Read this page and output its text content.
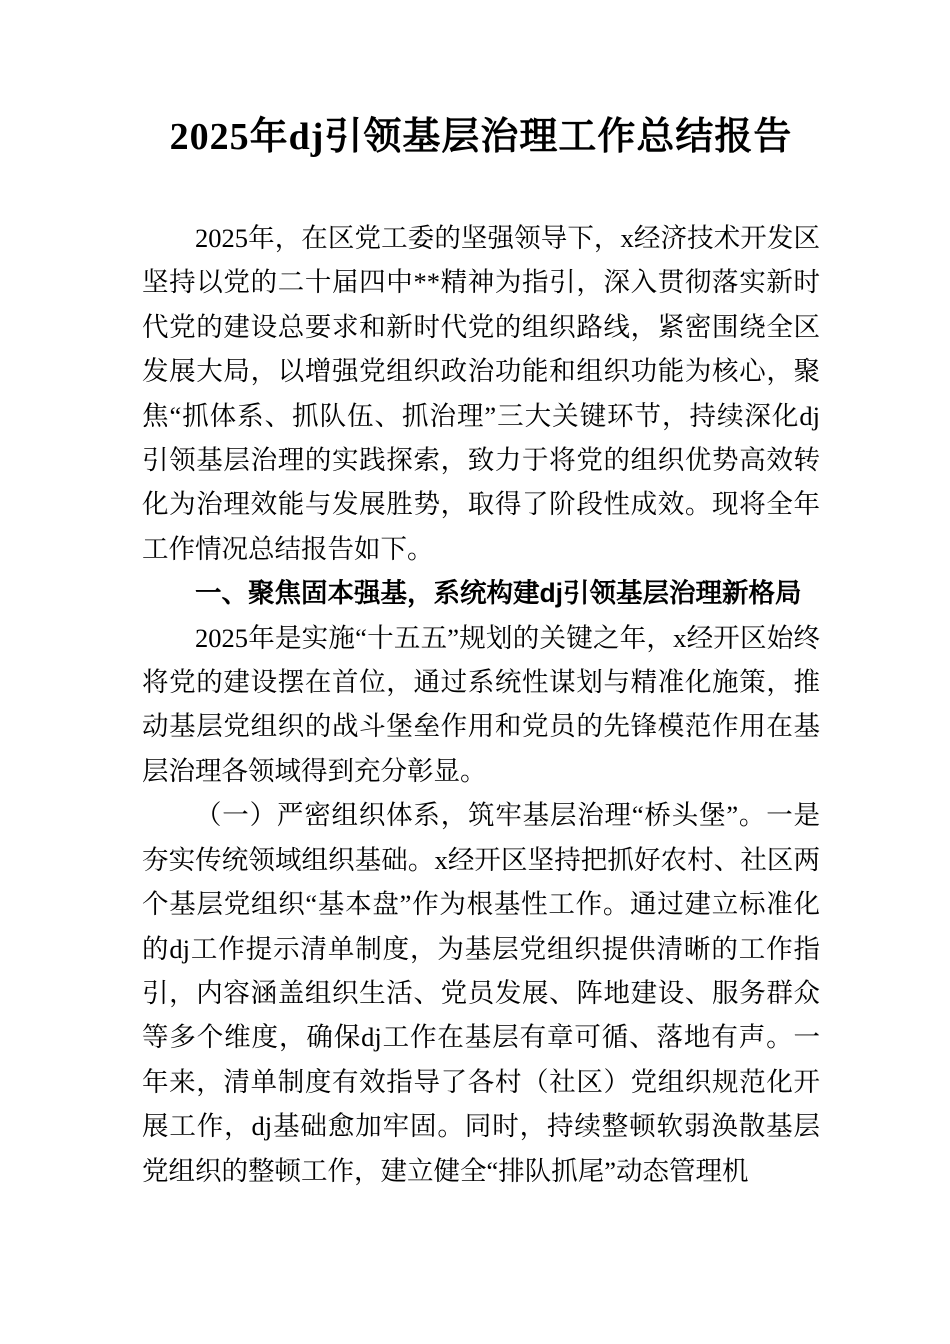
2025年dj引领基层治理工作总结报告

2025年，在区党工委的坚强领导下，x经济技术开发区坚持以党的二十届四中**精神为指引，深入贯彻落实新时代党的建设总要求和新时代党的组织路线，紧密围绕全区发展大局，以增强党组织政治功能和组织功能为核心，聚焦“抓体系、抓队伍、抓治理”三大关键环节，持续深化dj引领基层治理的实践探索，致力于将党的组织优势高效转化为治理效能与发展胜势，取得了阶段性成效。现将全年工作情况总结报告如下。

一、聚焦固本强基，系统构建dj引领基层治理新格局

2025年是实施“十五五”规划的关键之年，x经开区始终将党的建设摆在首位，通过系统性谋划与精准化施策，推动基层党组织的战斗堡垒作用和党员的先锋模范作用在基层治理各领域得到充分彰显。

（一）严密组织体系，筑牢基层治理“桥头堡”。一是夯实传统领域组织基础。x经开区坚持把抓好农村、社区两个基层党组织“基本盘”作为根基性工作。通过建立标准化的dj工作提示清单制度，为基层党组织提供清晰的工作指引，内容涵盖组织生活、党员发展、阵地建设、服务群众等多个维度，确保dj工作在基层有章可循、落地有声。一年来，清单制度有效指导了各村（社区）党组织规范化开展工作，dj基础愈加牢固。同时，持续整顿软弱涣散基层党组织的整顿工作，建立健全“排队抓尾”动态管理机
